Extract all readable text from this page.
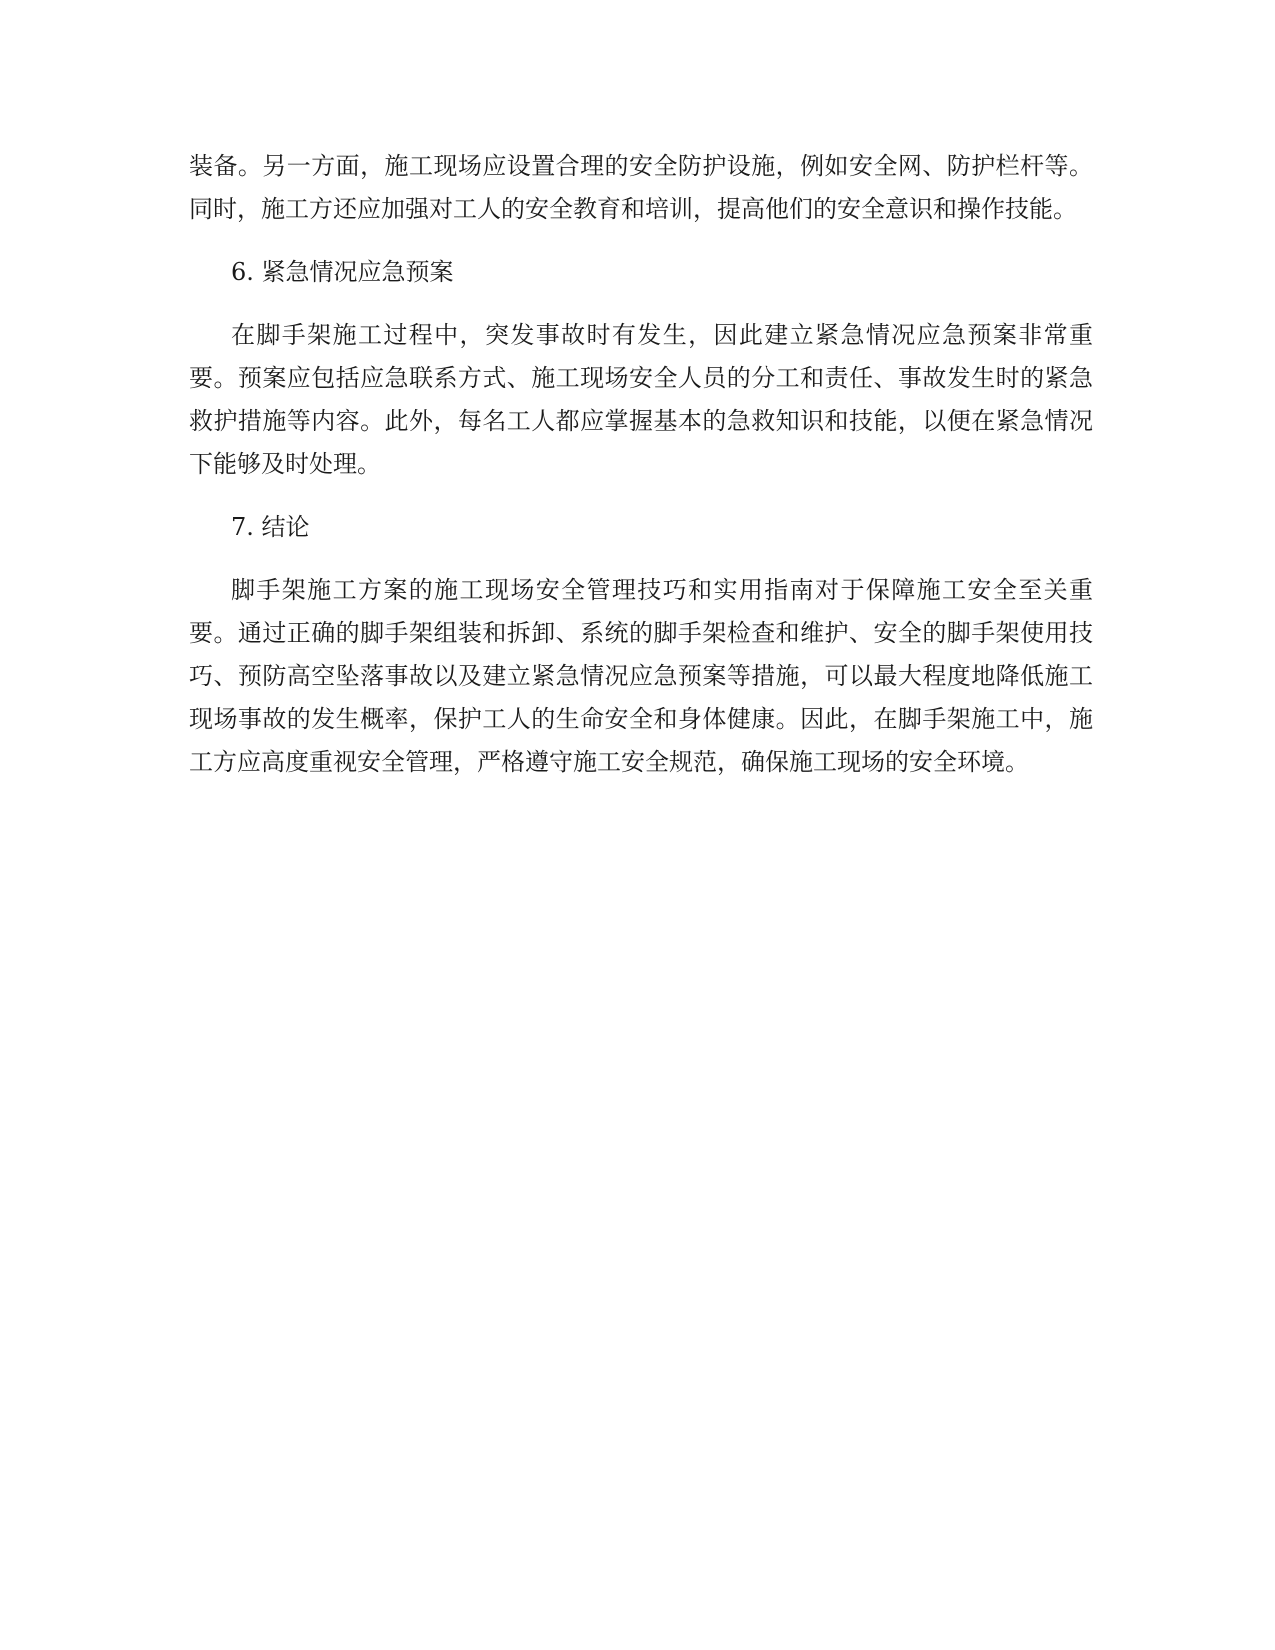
装备。另一方面，施工现场应设置合理的安全防护设施，例如安全网、防护栏杆等。同时，施工方还应加强对工人的安全教育和培训，提高他们的安全意识和操作技能。

6. 紧急情况应急预案

在脚手架施工过程中，突发事故时有发生，因此建立紧急情况应急预案非常重要。预案应包括应急联系方式、施工现场安全人员的分工和责任、事故发生时的紧急救护措施等内容。此外，每名工人都应掌握基本的急救知识和技能，以便在紧急情况下能够及时处理。

7. 结论

脚手架施工方案的施工现场安全管理技巧和实用指南对于保障施工安全至关重要。通过正确的脚手架组装和拆卸、系统的脚手架检查和维护、安全的脚手架使用技巧、预防高空坠落事故以及建立紧急情况应急预案等措施，可以最大程度地降低施工现场事故的发生概率，保护工人的生命安全和身体健康。因此，在脚手架施工中，施工方应高度重视安全管理，严格遵守施工安全规范，确保施工现场的安全环境。
